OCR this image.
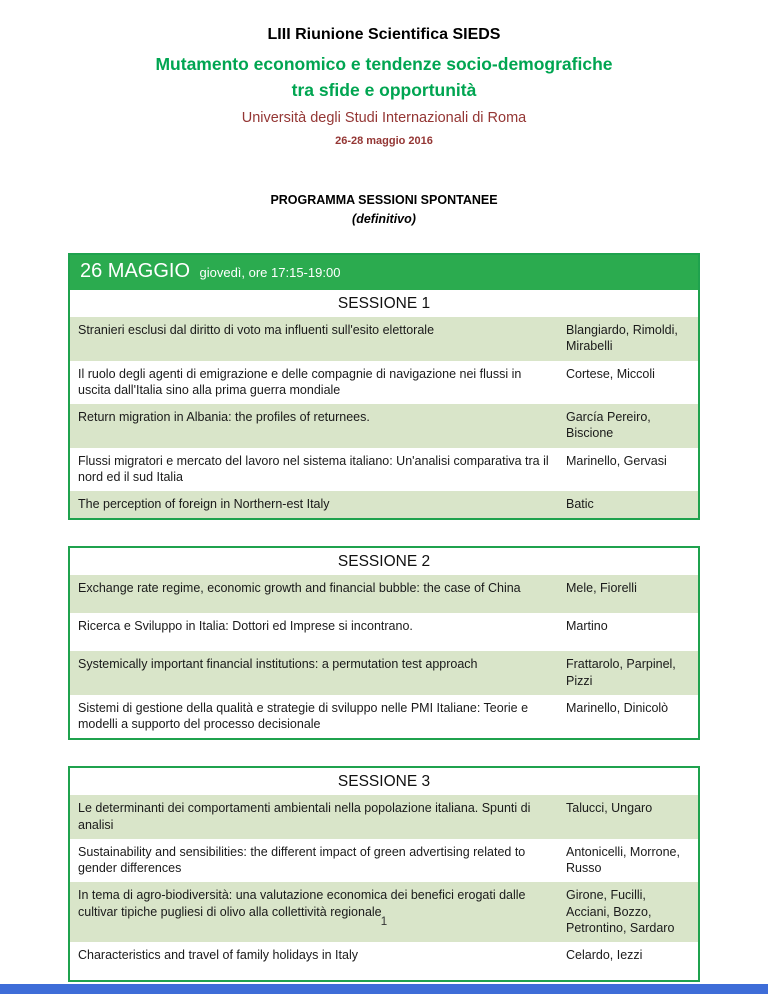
LIII Riunione Scientifica SIEDS
Mutamento economico e tendenze socio-demografiche
tra sfide e opportunità
Università degli Studi Internazionali di Roma
26-28 maggio 2016
PROGRAMMA SESSIONI SPONTANEE
(definitivo)
26 MAGGIO giovedì, ore 17:15-19:00
SESSIONE 1
Stranieri esclusi dal diritto di voto ma influenti sull'esito elettorale	Blangiardo, Rimoldi, Mirabelli
Il ruolo degli agenti di emigrazione e delle compagnie di navigazione nei flussi in uscita dall'Italia sino alla prima guerra mondiale	Cortese, Miccoli
Return migration in Albania: the profiles of returnees.	García Pereiro, Biscione
Flussi migratori e mercato del lavoro nel sistema italiano: Un'analisi comparativa tra il nord ed il sud Italia	Marinello, Gervasi
The perception of foreign in Northern-est Italy	Batic
SESSIONE 2
Exchange rate regime, economic growth and financial bubble: the case of China	Mele, Fiorelli
Ricerca e Sviluppo in Italia: Dottori ed Imprese si incontrano.	Martino
Systemically important financial institutions: a permutation test approach	Frattarolo, Parpinel, Pizzi
Sistemi di gestione della qualità e strategie di sviluppo nelle PMI Italiane: Teorie e modelli a supporto del processo decisionale	Marinello, Dinicolò
SESSIONE 3
Le determinanti dei comportamenti ambientali nella popolazione italiana. Spunti di analisi	Talucci, Ungaro
Sustainability and sensibilities: the different impact of green advertising related to gender differences	Antonicelli, Morrone, Russo
In tema di agro-biodiversità: una valutazione economica dei benefici erogati dalle cultivar tipiche pugliesi di olivo alla collettività regionale	Girone, Fucilli, Acciani, Bozzo, Petrontino, Sardaro
Characteristics and travel of family holidays in Italy	Celardo, Iezzi
1
